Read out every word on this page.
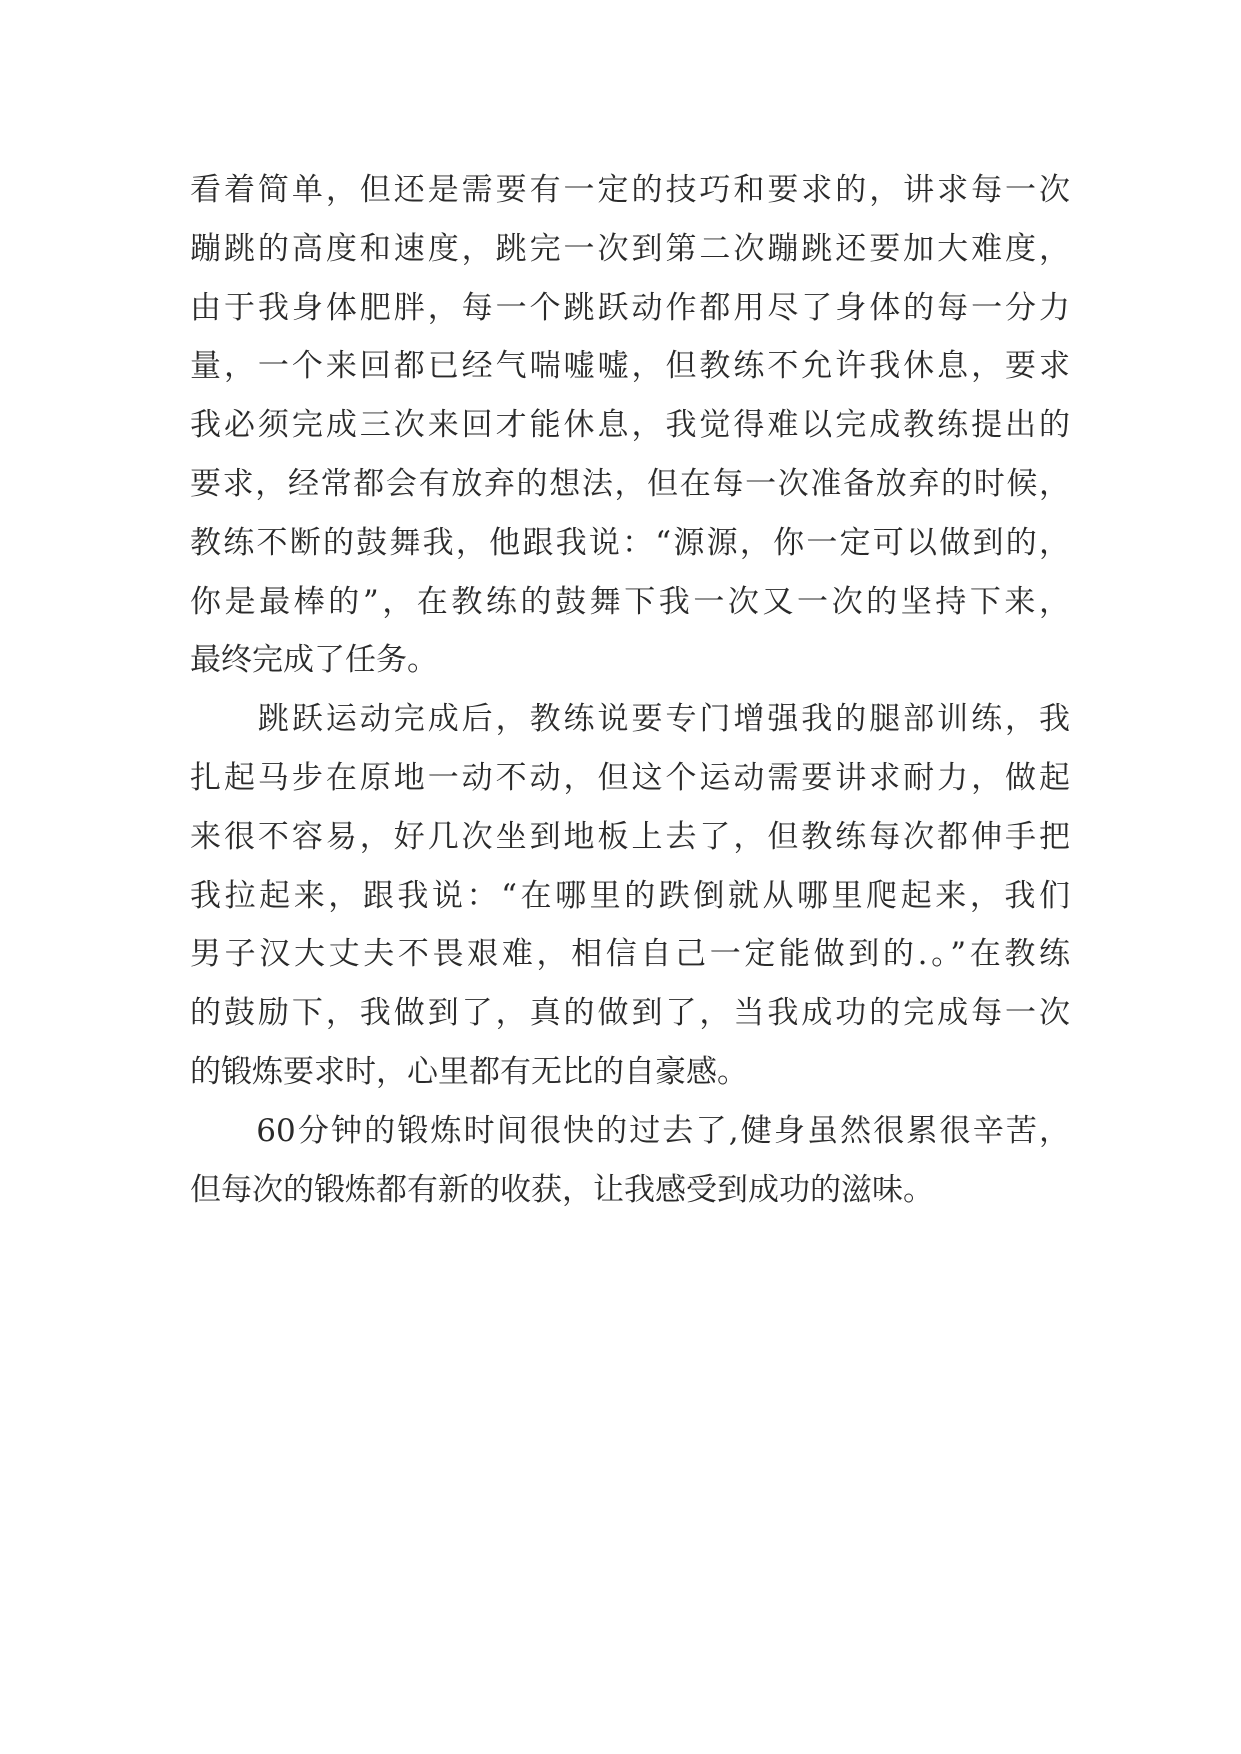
看着简单，但还是需要有一定的技巧和要求的，讲求每一次
蹦跳的高度和速度，跳完一次到第二次蹦跳还要加大难度，
由于我身体肥胖，每一个跳跃动作都用尽了身体的每一分力
量，一个来回都已经气喘嘘嘘，但教练不允许我休息，要求
我必须完成三次来回才能休息，我觉得难以完成教练提出的
要求，经常都会有放弃的想法，但在每一次准备放弃的时候，
教练不断的鼓舞我，他跟我说：“源源，你一定可以做到的，
你是最棒的”，在教练的鼓舞下我一次又一次的坚持下来，
最终完成了任务。
　　跳跃运动完成后，教练说要专门增强我的腿部训练，我
扎起马步在原地一动不动，但这个运动需要讲求耐力，做起
来很不容易，好几次坐到地板上去了，但教练每次都伸手把
我拉起来，跟我说：“在哪里的跌倒就从哪里爬起来，我们
男子汉大丈夫不畏艰难，相信自己一定能做到的.。”在教练
的鼓励下，我做到了，真的做到了，当我成功的完成每一次
的锻炼要求时，心里都有无比的自豪感。
　　60分钟的锻炼时间很快的过去了,健身虽然很累很辛苦，
但每次的锻炼都有新的收获，让我感受到成功的滋味。
